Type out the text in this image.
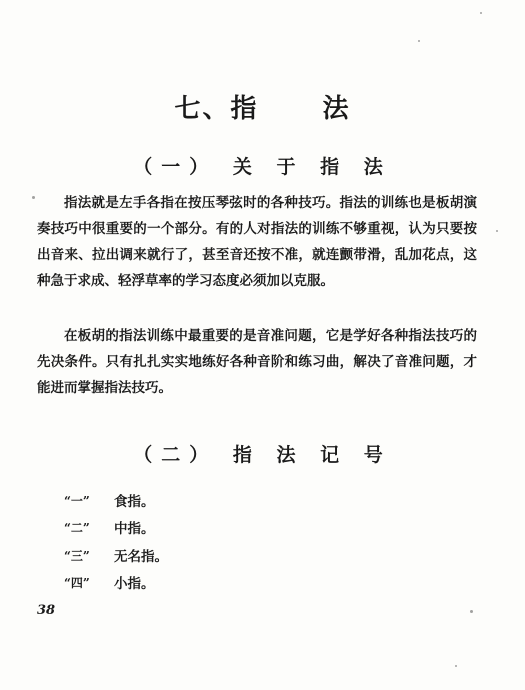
七、指 法
（一） 关 于 指 法

指法就是左手各指在按压琴弦时的各种技巧。指法的训练也是板胡演奏技巧中很重要的一个部分。有的人对指法的训练不够重视，认为只要按出音来、拉出调来就行了，甚至音还按不准，就连颤带滑，乱加花点，这种急于求成、轻浮草率的学习态度必须加以克服。

在板胡的指法训练中最重要的是音准问题，它是学好各种指法技巧的先决条件。只有扎扎实实地练好各种音阶和练习曲，解决了音准问题，才能进而掌握指法技巧。

（二） 指 法 记 号
“一”	食指。
“二”	中指。
“三”	无名指。
“四”	小指。
38
